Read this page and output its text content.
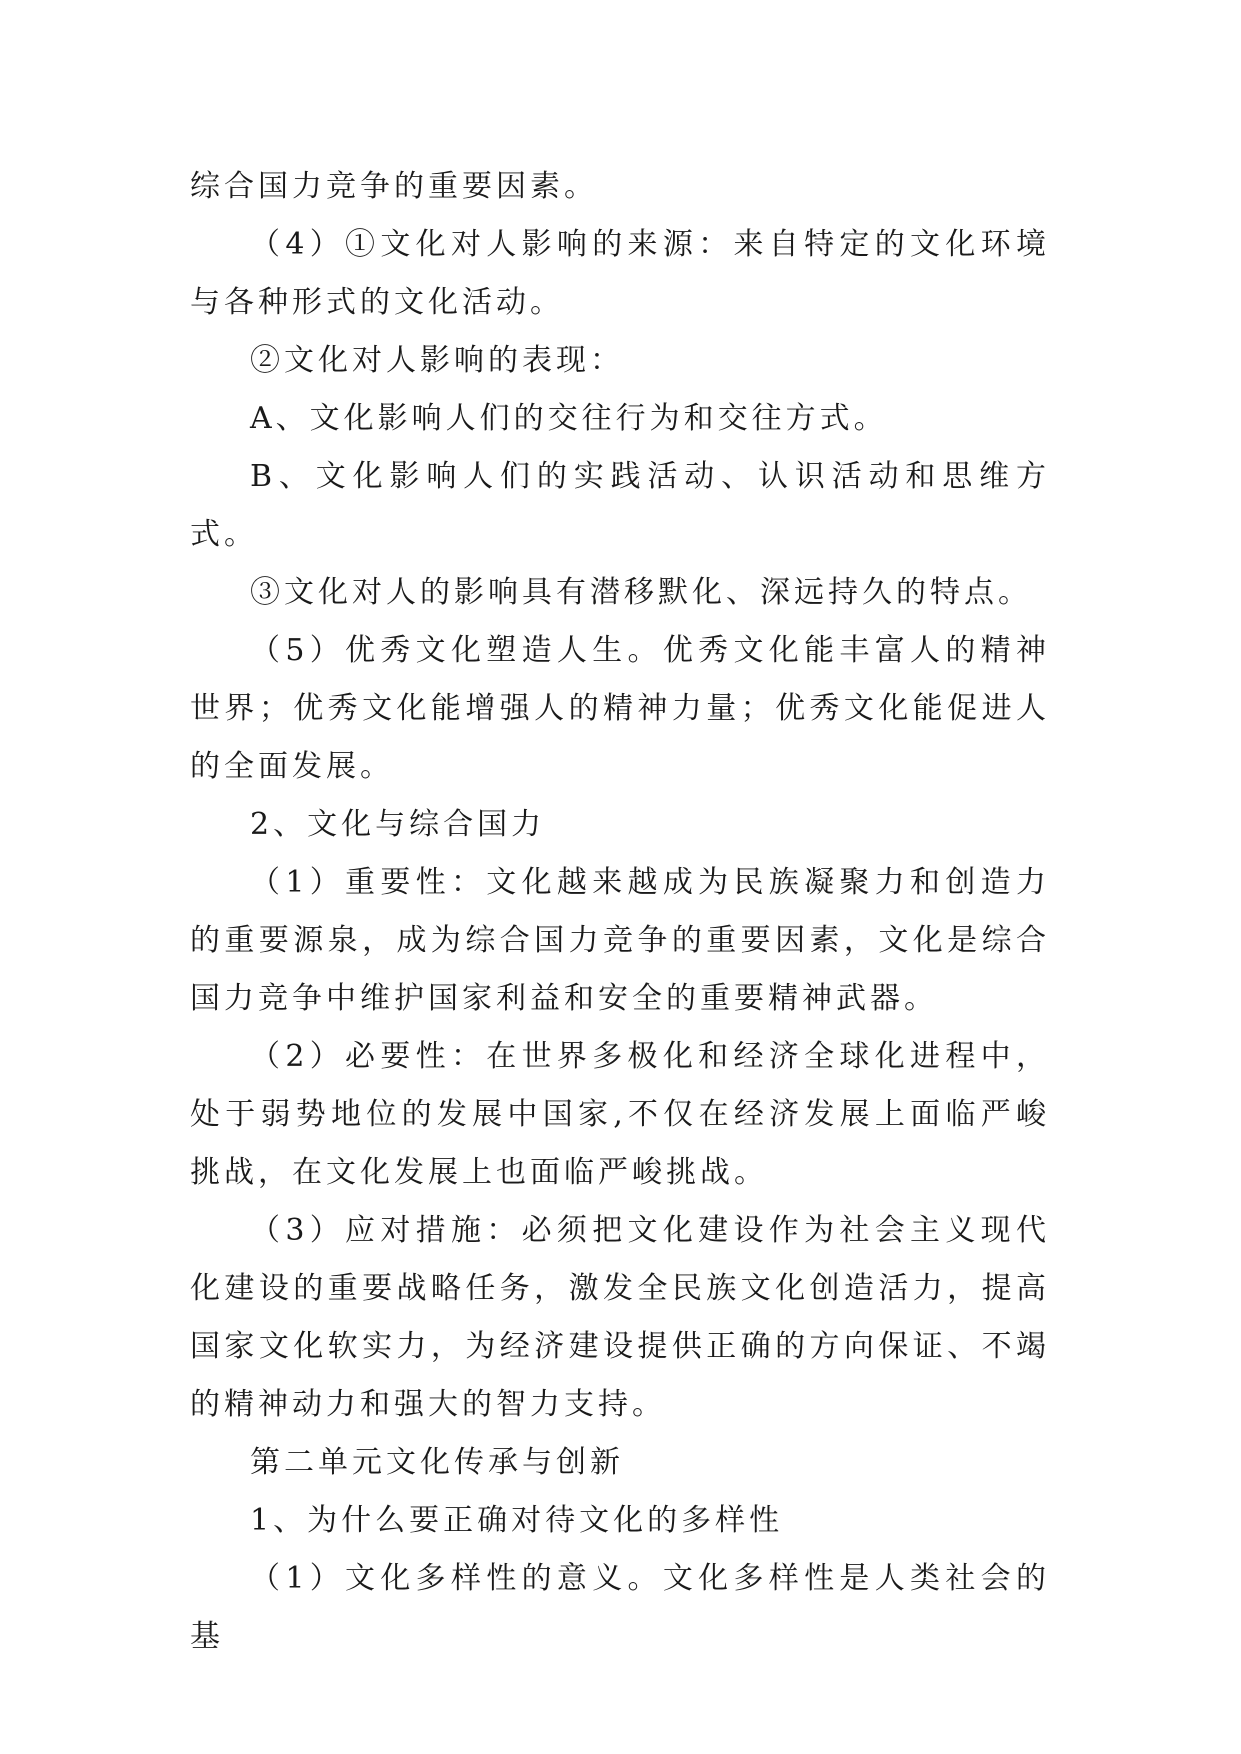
综合国力竞争的重要因素。

（4）①文化对人影响的来源：来自特定的文化环境与各种形式的文化活动。

②文化对人影响的表现：

A、文化影响人们的交往行为和交往方式。

B、文化影响人们的实践活动、认识活动和思维方式。

③文化对人的影响具有潜移默化、深远持久的特点。

（5）优秀文化塑造人生。优秀文化能丰富人的精神世界；优秀文化能增强人的精神力量；优秀文化能促进人的全面发展。

2、文化与综合国力

（1）重要性：文化越来越成为民族凝聚力和创造力的重要源泉，成为综合国力竞争的重要因素，文化是综合国力竞争中维护国家利益和安全的重要精神武器。

（2）必要性：在世界多极化和经济全球化进程中，处于弱势地位的发展中国家,不仅在经济发展上面临严峻挑战，在文化发展上也面临严峻挑战。

（3）应对措施：必须把文化建设作为社会主义现代化建设的重要战略任务，激发全民族文化创造活力，提高国家文化软实力，为经济建设提供正确的方向保证、不竭的精神动力和强大的智力支持。

第二单元文化传承与创新

1、为什么要正确对待文化的多样性

（1）文化多样性的意义。文化多样性是人类社会的基
